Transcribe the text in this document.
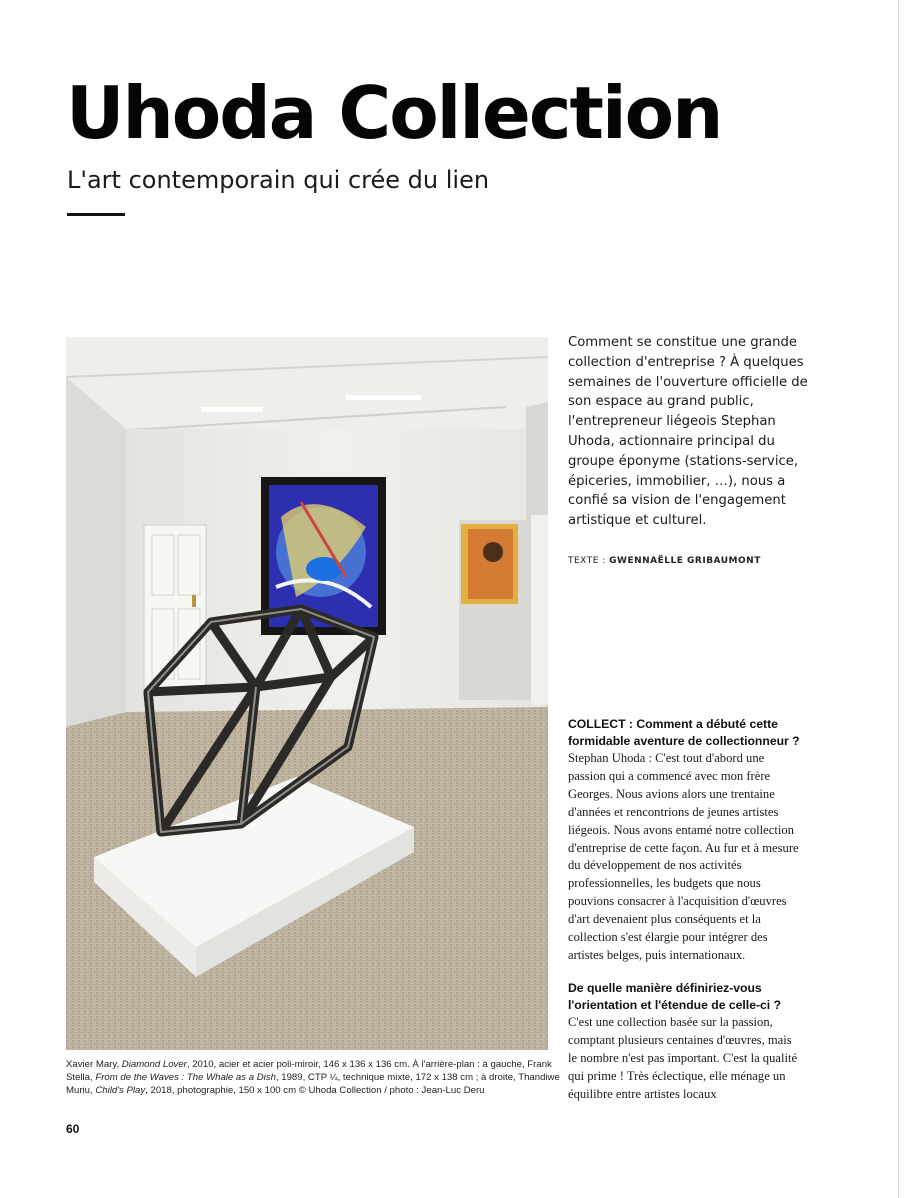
Uhoda Collection
L'art contemporain qui crée du lien

Xavier Mary, Diamond Lover, 2010, acier et acier poli-miroir, 146 x 136 x 136 cm. À l'arrière-plan : à gauche, Frank Stella, From de the Waves : The Whale as a Dish, 1989, CTP ¼, technique mixte, 172 x 138 cm ; à droite, Thandiwe Muriu, Child's Play, 2018, photographie, 150 x 100 cm © Uhoda Collection / photo : Jean-Luc Deru

Comment se constitue une grande collection d'entreprise ? À quelques semaines de l'ouverture officielle de son espace au grand public, l'entrepreneur liégeois Stephan Uhoda, actionnaire principal du groupe éponyme (stations-service, épiceries, immobilier, …), nous a confié sa vision de l'engagement artistique et culturel.

TEXTE : GWENNAËLLE GRIBAUMONT

COLLECT : Comment a débuté cette formidable aventure de collectionneur ?

Stephan Uhoda : C'est tout d'abord une passion qui a commencé avec mon frère Georges. Nous avions alors une trentaine d'années et rencontrions de jeunes artistes liégeois. Nous avons entamé notre collection d'entreprise de cette façon. Au fur et à mesure du développement de nos activités professionnelles, les budgets que nous pouvions consacrer à l'acquisition d'œuvres d'art devenaient plus conséquents et la collection s'est élargie pour intégrer des artistes belges, puis internationaux.

De quelle manière définiriez-vous l'orientation et l'étendue de celle-ci ?

C'est une collection basée sur la passion, comptant plusieurs centaines d'œuvres, mais le nombre n'est pas important. C'est la qualité qui prime ! Très éclectique, elle ménage un équilibre entre artistes locaux

60
